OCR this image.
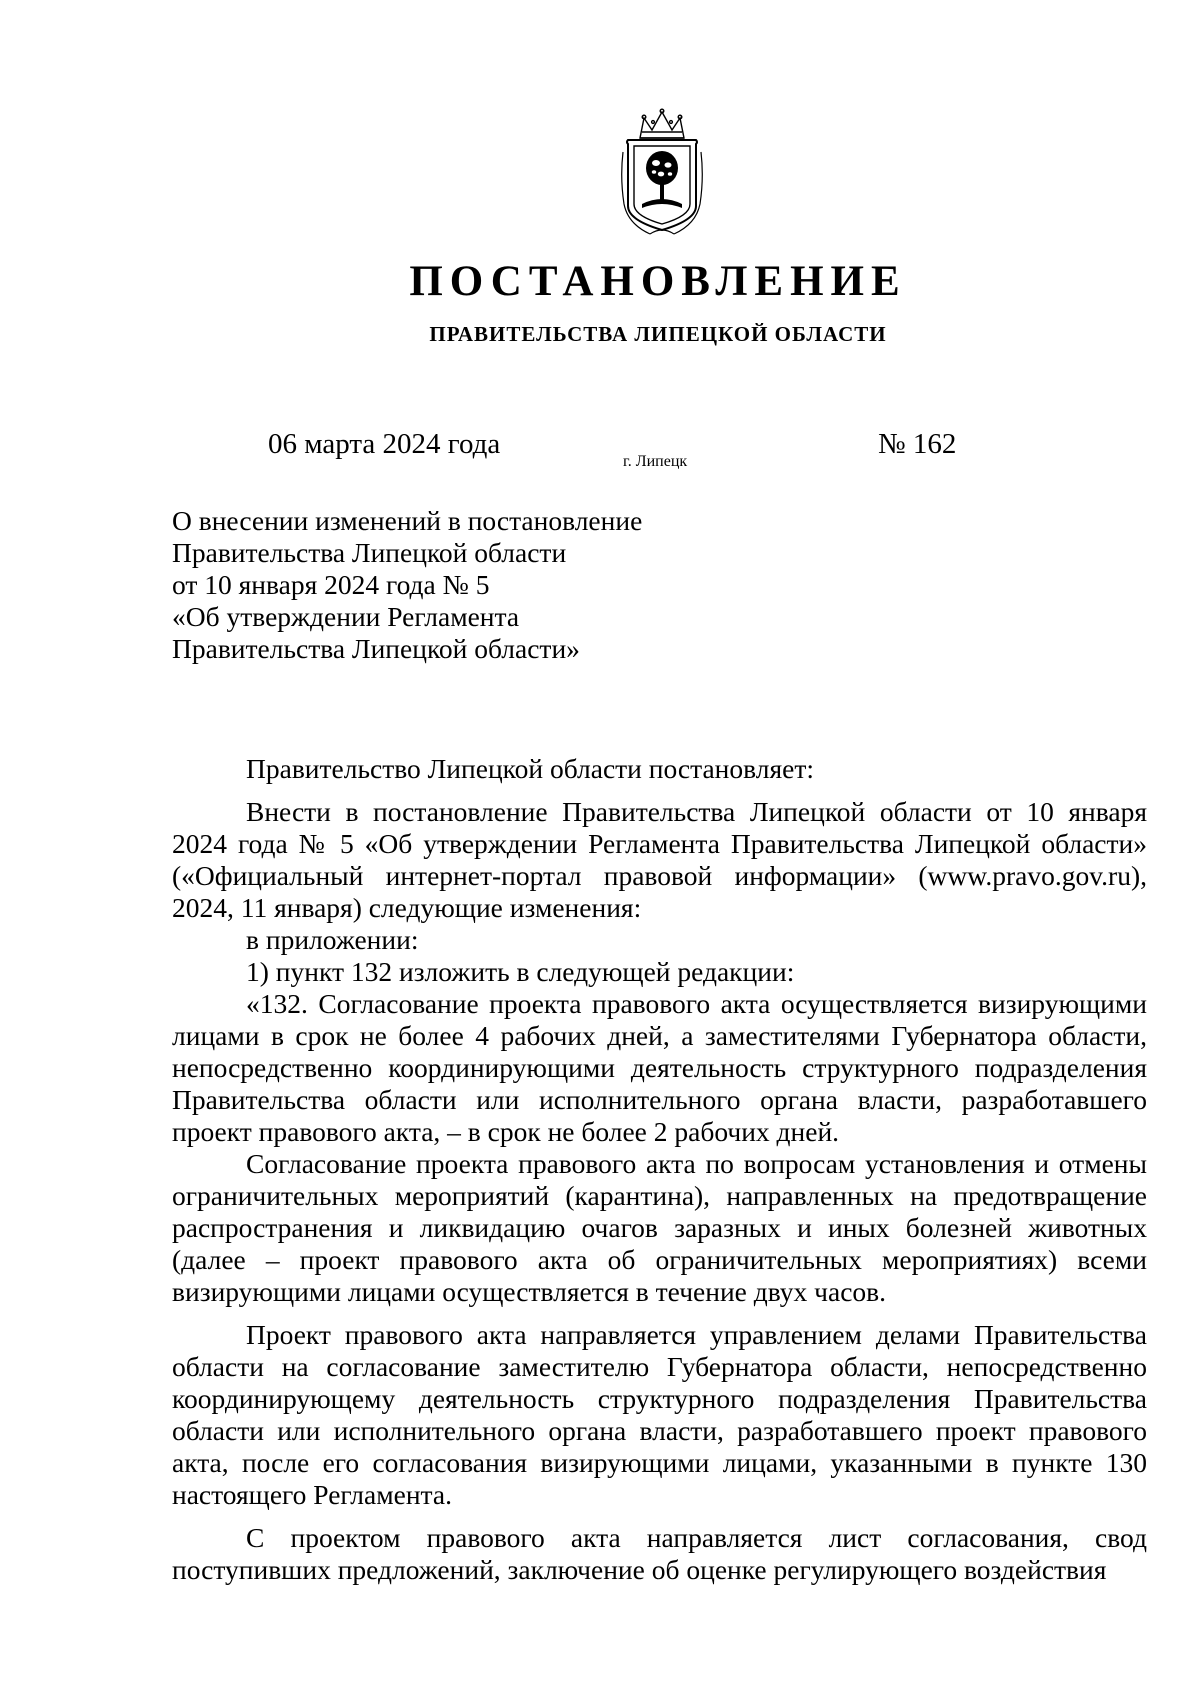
ПОСТАНОВЛЕНИЕ
ПРАВИТЕЛЬСТВА ЛИПЕЦКОЙ ОБЛАСТИ
06 марта 2024 года
г. Липецк
№ 162
О внесении изменений в постановление
Правительства Липецкой области
от 10 января 2024 года № 5
«Об утверждении Регламента
Правительства Липецкой области»

Правительство Липецкой области постановляет:

Внести в постановление Правительства Липецкой области от 10 января 2024 года № 5 «Об утверждении Регламента Правительства Липецкой области» («Официальный интернет-портал правовой информации» (www.pravo.gov.ru), 2024, 11 января) следующие изменения:

в приложении:

1) пункт 132 изложить в следующей редакции:

«132. Согласование проекта правового акта осуществляется визирующими лицами в срок не более 4 рабочих дней, а заместителями Губернатора области, непосредственно координирующими деятельность структурного подразделения Правительства области или исполнительного органа власти, разработавшего проект правового акта, – в срок не более 2 рабочих дней.

Согласование проекта правового акта по вопросам установления и отмены ограничительных мероприятий (карантина), направленных на предотвращение распространения и ликвидацию очагов заразных и иных болезней животных (далее – проект правового акта об ограничительных мероприятиях) всеми визирующими лицами осуществляется в течение двух часов.

Проект правового акта направляется управлением делами Правительства области на согласование заместителю Губернатора области, непосредственно координирующему деятельность структурного подразделения Правительства области или исполнительного органа власти, разработавшего проект правового акта, после его согласования визирующими лицами, указанными в пункте 130 настоящего Регламента.

С проектом правового акта направляется лист согласования, свод поступивших предложений, заключение об оценке регулирующего воздействия
